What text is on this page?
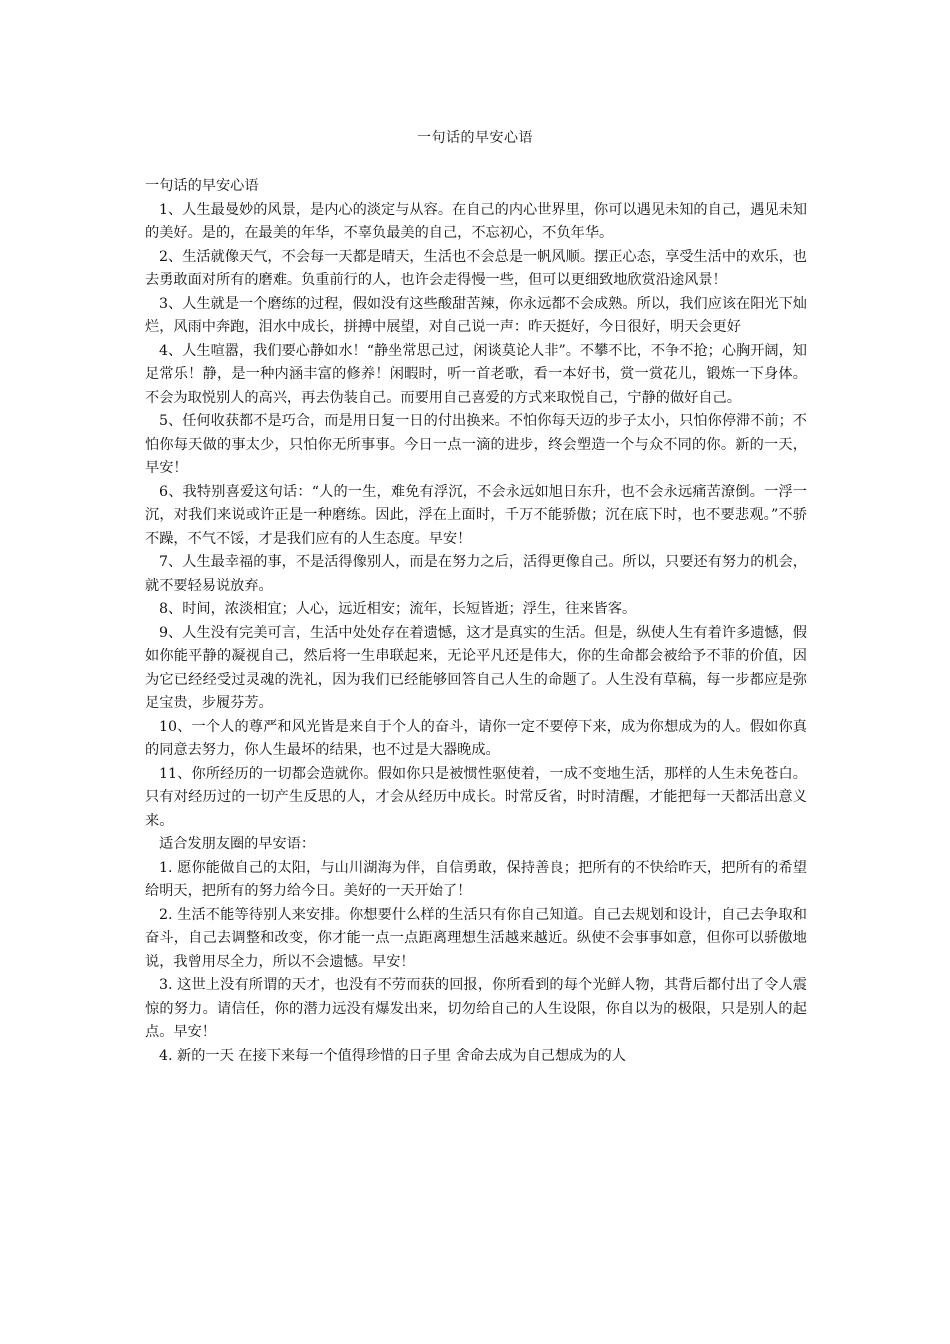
一句话的早安心语

一句话的早安心语

1、人生最曼妙的风景，是内心的淡定与从容。在自己的内心世界里，你可以遇见未知的自己，遇见未知的美好。是的，在最美的年华，不辜负最美的自己，不忘初心，不负年华。

2、生活就像天气，不会每一天都是晴天，生活也不会总是一帆风顺。摆正心态，享受生活中的欢乐，也去勇敢面对所有的磨难。负重前行的人，也许会走得慢一些，但可以更细致地欣赏沿途风景！

3、人生就是一个磨练的过程，假如没有这些酸甜苦辣，你永远都不会成熟。所以，我们应该在阳光下灿烂，风雨中奔跑，泪水中成长，拼搏中展望，对自己说一声：昨天挺好，今日很好，明天会更好

4、人生喧嚣，我们要心静如水！“静坐常思己过，闲谈莫论人非”。不攀不比，不争不抢；心胸开阔，知足常乐！静，是一种内涵丰富的修养！闲暇时，听一首老歌，看一本好书，赏一赏花儿，锻炼一下身体。不会为取悦别人的高兴，再去伪装自己。而要用自己喜爱的方式来取悦自己，宁静的做好自己。

5、任何收获都不是巧合，而是用日复一日的付出换来。不怕你每天迈的步子太小，只怕你停滞不前；不怕你每天做的事太少，只怕你无所事事。今日一点一滴的进步，终会塑造一个与众不同的你。新的一天，早安！

6、我特别喜爱这句话：“人的一生，难免有浮沉，不会永远如旭日东升，也不会永远痛苦潦倒。一浮一沉，对我们来说或许正是一种磨练。因此，浮在上面时，千万不能骄傲；沉在底下时，也不要悲观。”不骄不躁，不气不馁，才是我们应有的人生态度。早安！

7、人生最幸福的事，不是活得像别人，而是在努力之后，活得更像自己。所以，只要还有努力的机会，就不要轻易说放弃。

8、时间，浓淡相宜；人心，远近相安；流年，长短皆逝；浮生，往来皆客。

9、人生没有完美可言，生活中处处存在着遗憾，这才是真实的生活。但是，纵使人生有着许多遗憾，假如你能平静的凝视自己，然后将一生串联起来，无论平凡还是伟大，你的生命都会被给予不菲的价值，因为它已经经受过灵魂的洗礼，因为我们已经能够回答自己人生的命题了。人生没有草稿，每一步都应是弥足宝贵，步履芬芳。

10、一个人的尊严和风光皆是来自于个人的奋斗，请你一定不要停下来，成为你想成为的人。假如你真的同意去努力，你人生最坏的结果，也不过是大器晚成。

11、你所经历的一切都会造就你。假如你只是被惯性驱使着，一成不变地生活，那样的人生未免苍白。只有对经历过的一切产生反思的人，才会从经历中成长。时常反省，时时清醒，才能把每一天都活出意义来。

适合发朋友圈的早安语：

1. 愿你能做自己的太阳，与山川湖海为伴，自信勇敢，保持善良；把所有的不快给昨天，把所有的希望给明天，把所有的努力给今日。美好的一天开始了！

2. 生活不能等待别人来安排。你想要什么样的生活只有你自己知道。自己去规划和设计，自己去争取和奋斗，自己去调整和改变，你才能一点一点距离理想生活越来越近。纵使不会事事如意，但你可以骄傲地说，我曾用尽全力，所以不会遗憾。早安！

3. 这世上没有所谓的天才，也没有不劳而获的回报，你所看到的每个光鲜人物，其背后都付出了令人震惊的努力。请信任，你的潜力远没有爆发出来，切勿给自己的人生设限，你自以为的极限，只是别人的起点。早安！

4. 新的一天 在接下来每一个值得珍惜的日子里 舍命去成为自己想成为的人
